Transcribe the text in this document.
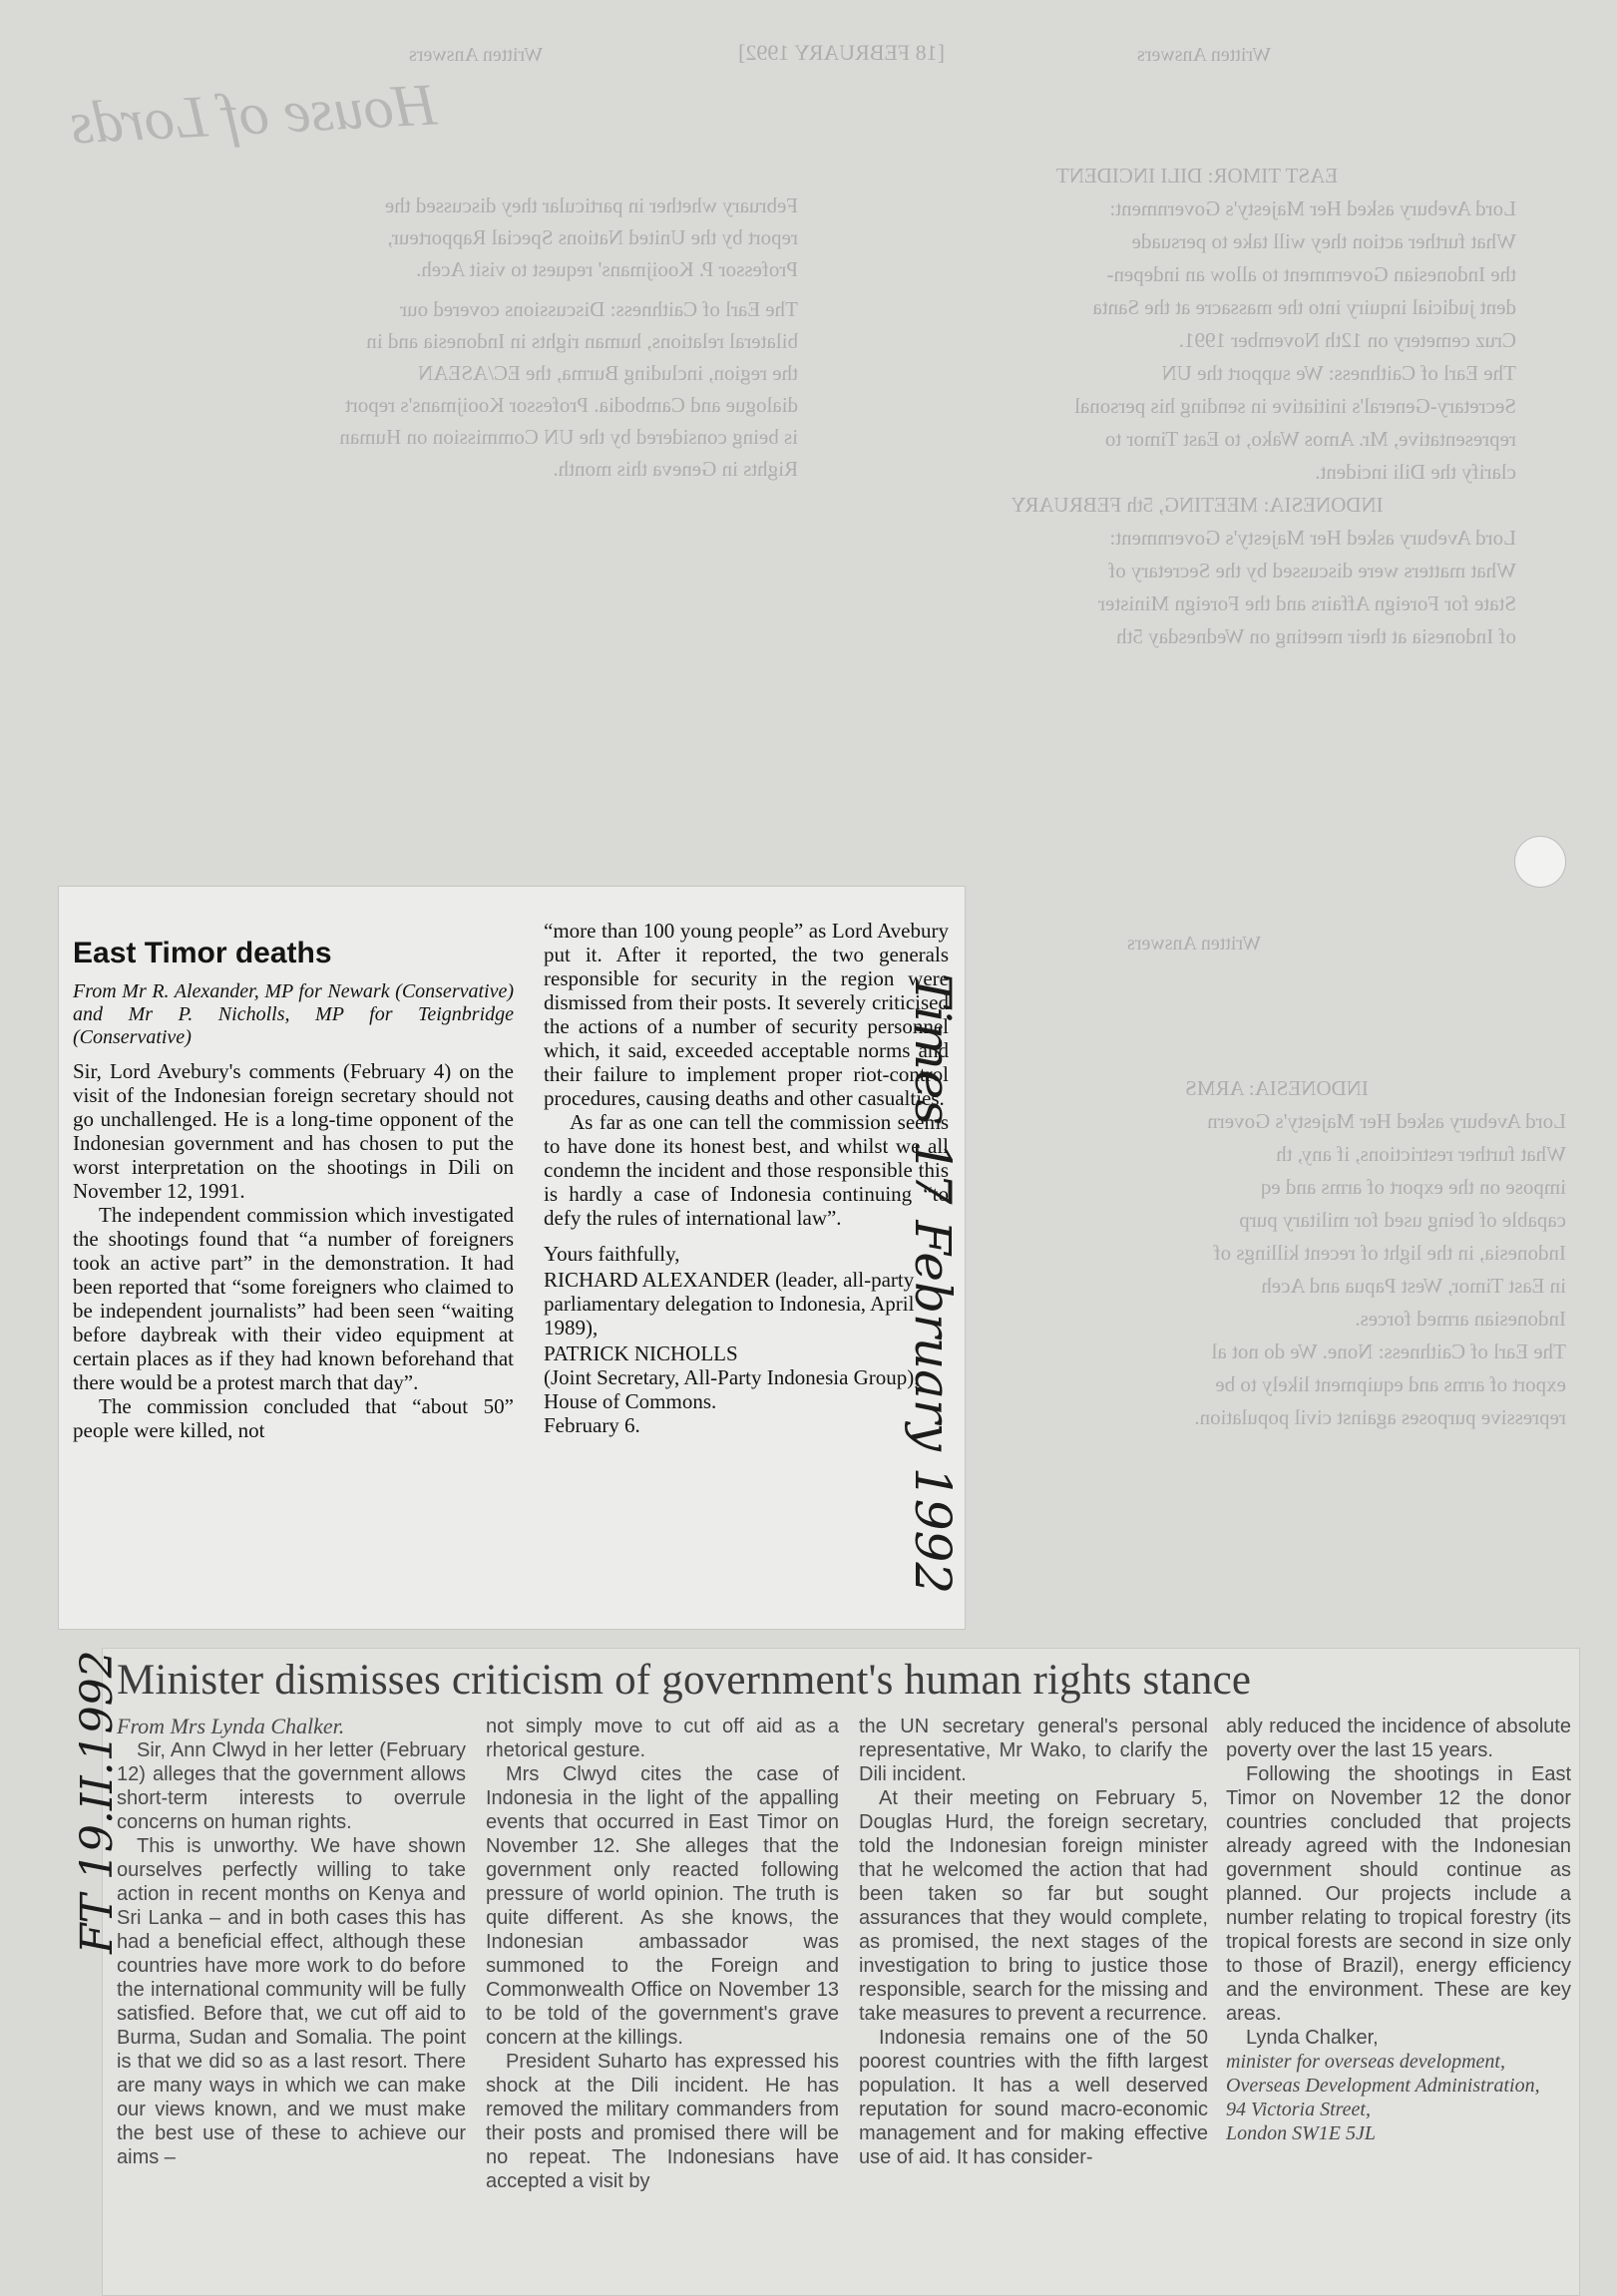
House of Lords
Written Answers	[18 FEBRUARY 1992]	Written Answers
February whether in particular they discussed the
report by the United Nations Special Rapporteur,
Professor P. Kooijmans' request to visit Aceh.
The Earl of Caithness: Discussions covered our
bilateral relations, human rights in Indonesia and in
the region, including Burma, the EC/ASEAN
dialogue and Cambodia. Professor Kooijmans's report
is being considered by the UN Commission on Human
Rights in Geneva this month.
EAST TIMOR: DILI INCIDENT
Lord Avebury asked Her Majesty's Government:
What further action they will take to persuade
the Indonesian Government to allow an indepen-
dent judicial inquiry into the massacre at the Santa
Cruz cemetery on 12th November 1991.
The Earl of Caithness: We support the UN
Secretary-General's initiative in sending his personal
representative, Mr. Amos Wako, to East Timor to
clarify the Dili incident.
INDONESIA: MEETING, 5th FEBRUARY
Lord Avebury asked Her Majesty's Government:
What matters were discussed by the Secretary of
State for Foreign Affairs and the Foreign Minister
of Indonesia at their meeting on Wednesday 5th
Written Answers
INDONESIA: ARMS
Lord Avebury asked Her Majesty's Govern
What further restrictions, if any, th
impose on the export of arms and eq
capable of being used for military purp
Indonesia, in the light of recent killings of
in East Timor, West Papua and Aceh
Indonesian armed forces.
The Earl of Caithness: None. We do not al
export of arms and equipment likely to be
repressive purposes against civil population.
East Timor deaths
From Mr R. Alexander, MP for Newark (Conservative) and Mr P. Nicholls, MP for Teignbridge (Conservative)

Sir, Lord Avebury's comments (February 4) on the visit of the Indonesian foreign secretary should not go unchallenged. He is a long-time opponent of the Indonesian government and has chosen to put the worst interpretation on the shootings in Dili on November 12, 1991.

The independent commission which investigated the shootings found that “a number of foreigners took an active part” in the demonstration. It had been reported that “some foreigners who claimed to be independent journalists” had been seen “waiting before daybreak with their video equipment at certain places as if they had known beforehand that there would be a protest march that day”.

The commission concluded that “about 50” people were killed, not

“more than 100 young people” as Lord Avebury put it. After it reported, the two generals responsible for security in the region were dismissed from their posts. It severely criticised the actions of a number of security personnel which, it said, exceeded acceptable norms and their failure to implement proper riot-control procedures, causing deaths and other casualties.

As far as one can tell the commission seems to have done its honest best, and whilst we all condemn the incident and those responsible this is hardly a case of Indonesia continuing “to defy the rules of international law”.

Yours faithfully,

RICHARD ALEXANDER (leader, all-party parliamentary delegation to Indonesia, April 1989),

PATRICK NICHOLLS

(Joint Secretary, All-Party Indonesia Group),

House of Commons.

February 6.	Times 17 February 1992
Minister dismisses criticism of government's human rights stance

From Mrs Lynda Chalker.

Sir, Ann Clwyd in her letter (February 12) alleges that the government allows short-term interests to overrule concerns on human rights.

This is unworthy. We have shown ourselves perfectly willing to take action in recent months on Kenya and Sri Lanka – and in both cases this has had a beneficial effect, although these countries have more work to do before the international community will be fully satisfied. Before that, we cut off aid to Burma, Sudan and Somalia. The point is that we did so as a last resort. There are many ways in which we can make our views known, and we must make the best use of these to achieve our aims –

not simply move to cut off aid as a rhetorical gesture.

Mrs Clwyd cites the case of Indonesia in the light of the appalling events that occurred in East Timor on November 12. She alleges that the government only reacted following pressure of world opinion. The truth is quite different. As she knows, the Indonesian ambassador was summoned to the Foreign and Commonwealth Office on November 13 to be told of the government's grave concern at the killings.

President Suharto has expressed his shock at the Dili incident. He has removed the military commanders from their posts and promised there will be no repeat. The Indonesians have accepted a visit by

the UN secretary general's personal representative, Mr Wako, to clarify the Dili incident.

At their meeting on February 5, Douglas Hurd, the foreign secretary, told the Indonesian foreign minister that he welcomed the action that had been taken so far but sought assurances that they would complete, as promised, the next stages of the investigation to bring to justice those responsible, search for the missing and take measures to prevent a recurrence.

Indonesia remains one of the 50 poorest countries with the fifth largest population. It has a well deserved reputation for sound macro-economic management and for making effective use of aid. It has consider-

ably reduced the incidence of absolute poverty over the last 15 years.

Following the shootings in East Timor on November 12 the donor countries concluded that projects already agreed with the Indonesian government should continue as planned. Our projects include a number relating to tropical forestry (its tropical forests are second in size only to those of Brazil), energy efficiency and the environment. These are key areas.

Lynda Chalker,

minister for overseas development,

Overseas Development Administration,

94 Victoria Street,

London SW1E 5JL

FT 19.II.1992
